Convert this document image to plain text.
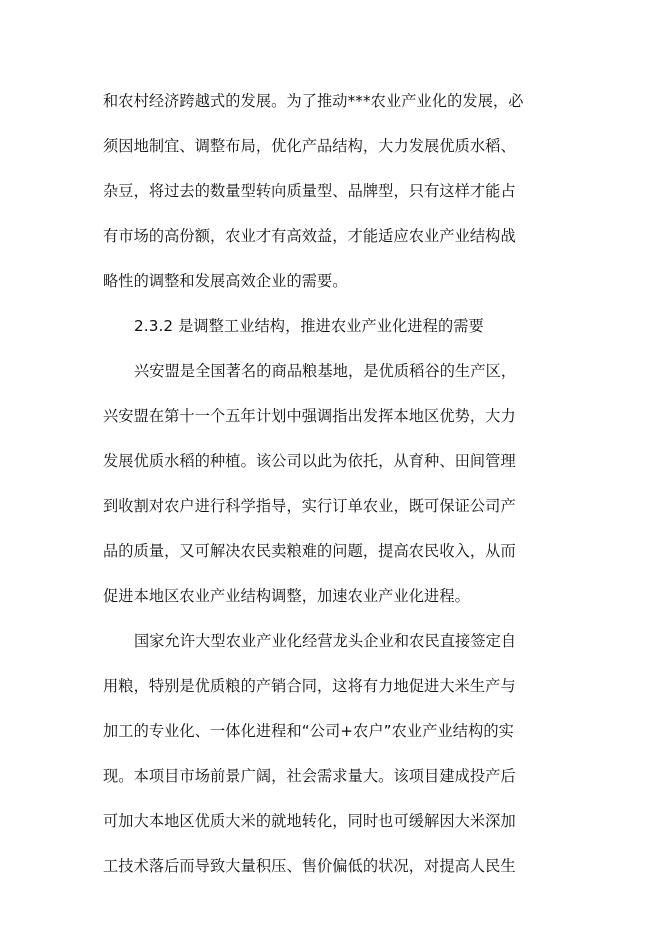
和农村经济跨越式的发展。为了推动***农业产业化的发展，必
须因地制宜、调整布局，优化产品结构，大力发展优质水稻、
杂豆，将过去的数量型转向质量型、品牌型，只有这样才能占
有市场的高份额，农业才有高效益，才能适应农业产业结构战
略性的调整和发展高效企业的需要。
2.3.2 是调整工业结构，推进农业产业化进程的需要
兴安盟是全国著名的商品粮基地，是优质稻谷的生产区，
兴安盟在第十一个五年计划中强调指出发挥本地区优势，大力
发展优质水稻的种植。该公司以此为依托，从育种、田间管理
到收割对农户进行科学指导，实行订单农业，既可保证公司产
品的质量，又可解决农民卖粮难的问题，提高农民收入，从而
促进本地区农业产业结构调整，加速农业产业化进程。
国家允许大型农业产业化经营龙头企业和农民直接签定自
用粮，特别是优质粮的产销合同，这将有力地促进大米生产与
加工的专业化、一体化进程和“公司+农户”农业产业结构的实
现。本项目市场前景广阔，社会需求量大。该项目建成投产后
可加大本地区优质大米的就地转化，同时也可缓解因大米深加
工技术落后而导致大量积压、售价偏低的状况，对提高人民生
